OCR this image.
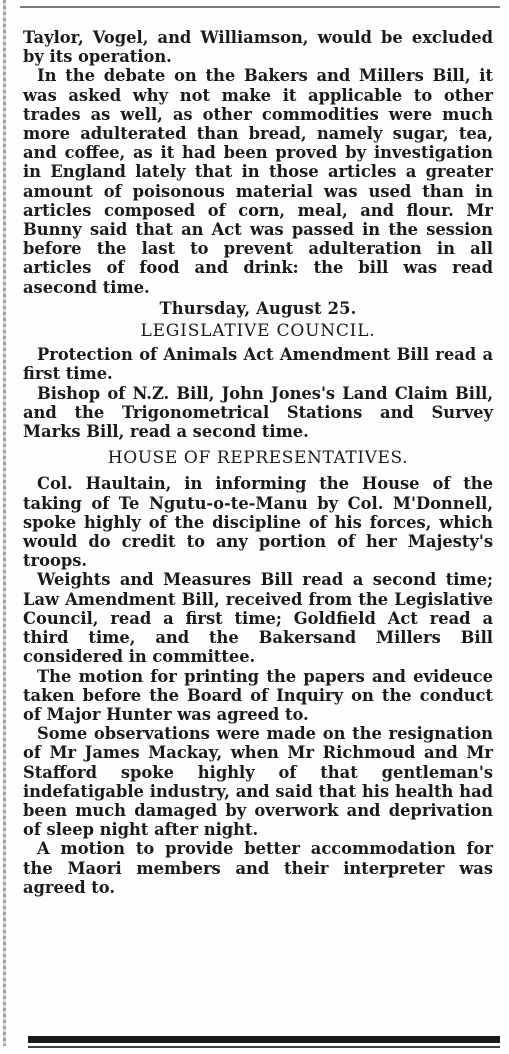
Taylor, Vogel, and Williamson, would be excluded by its operation.

In the debate on the Bakers and Millers Bill, it was asked why not make it applicable to other trades as well, as other commodities were much more adulterated than bread, namely sugar, tea, and coffee, as it had been proved by investigation in England lately that in those articles a greater amount of poisonous material was used than in articles composed of corn, meal, and flour. Mr Bunny said that an Act was passed in the session before the last to prevent adulteration in all articles of food and drink: the bill was read asecond time.

Thursday, August 25.

LEGISLATIVE COUNCIL.

Protection of Animals Act Amendment Bill read a first time.

Bishop of N.Z. Bill, John Jones's Land Claim Bill, and the Trigonometrical Stations and Survey Marks Bill, read a second time.

HOUSE OF REPRESENTATIVES.

Col. Haultain, in informing the House of the taking of Te Ngutu-o-te-Manu by Col. M'Donnell, spoke highly of the discipline of his forces, which would do credit to any portion of her Majesty's troops.

Weights and Measures Bill read a second time; Law Amendment Bill, received from the Legislative Council, read a first time; Goldfield Act read a third time, and the Bakersand Millers Bill considered in committee.

The motion for printing the papers and evideuce taken before the Board of Inquiry on the conduct of Major Hunter was agreed to.

Some observations were made on the resignation of Mr James Mackay, when Mr Richmoud and Mr Stafford spoke highly of that gentleman's indefatigable industry, and said that his health had been much damaged by overwork and deprivation of sleep night after night.

A motion to provide better accommodation for the Maori members and their interpreter was agreed to.
